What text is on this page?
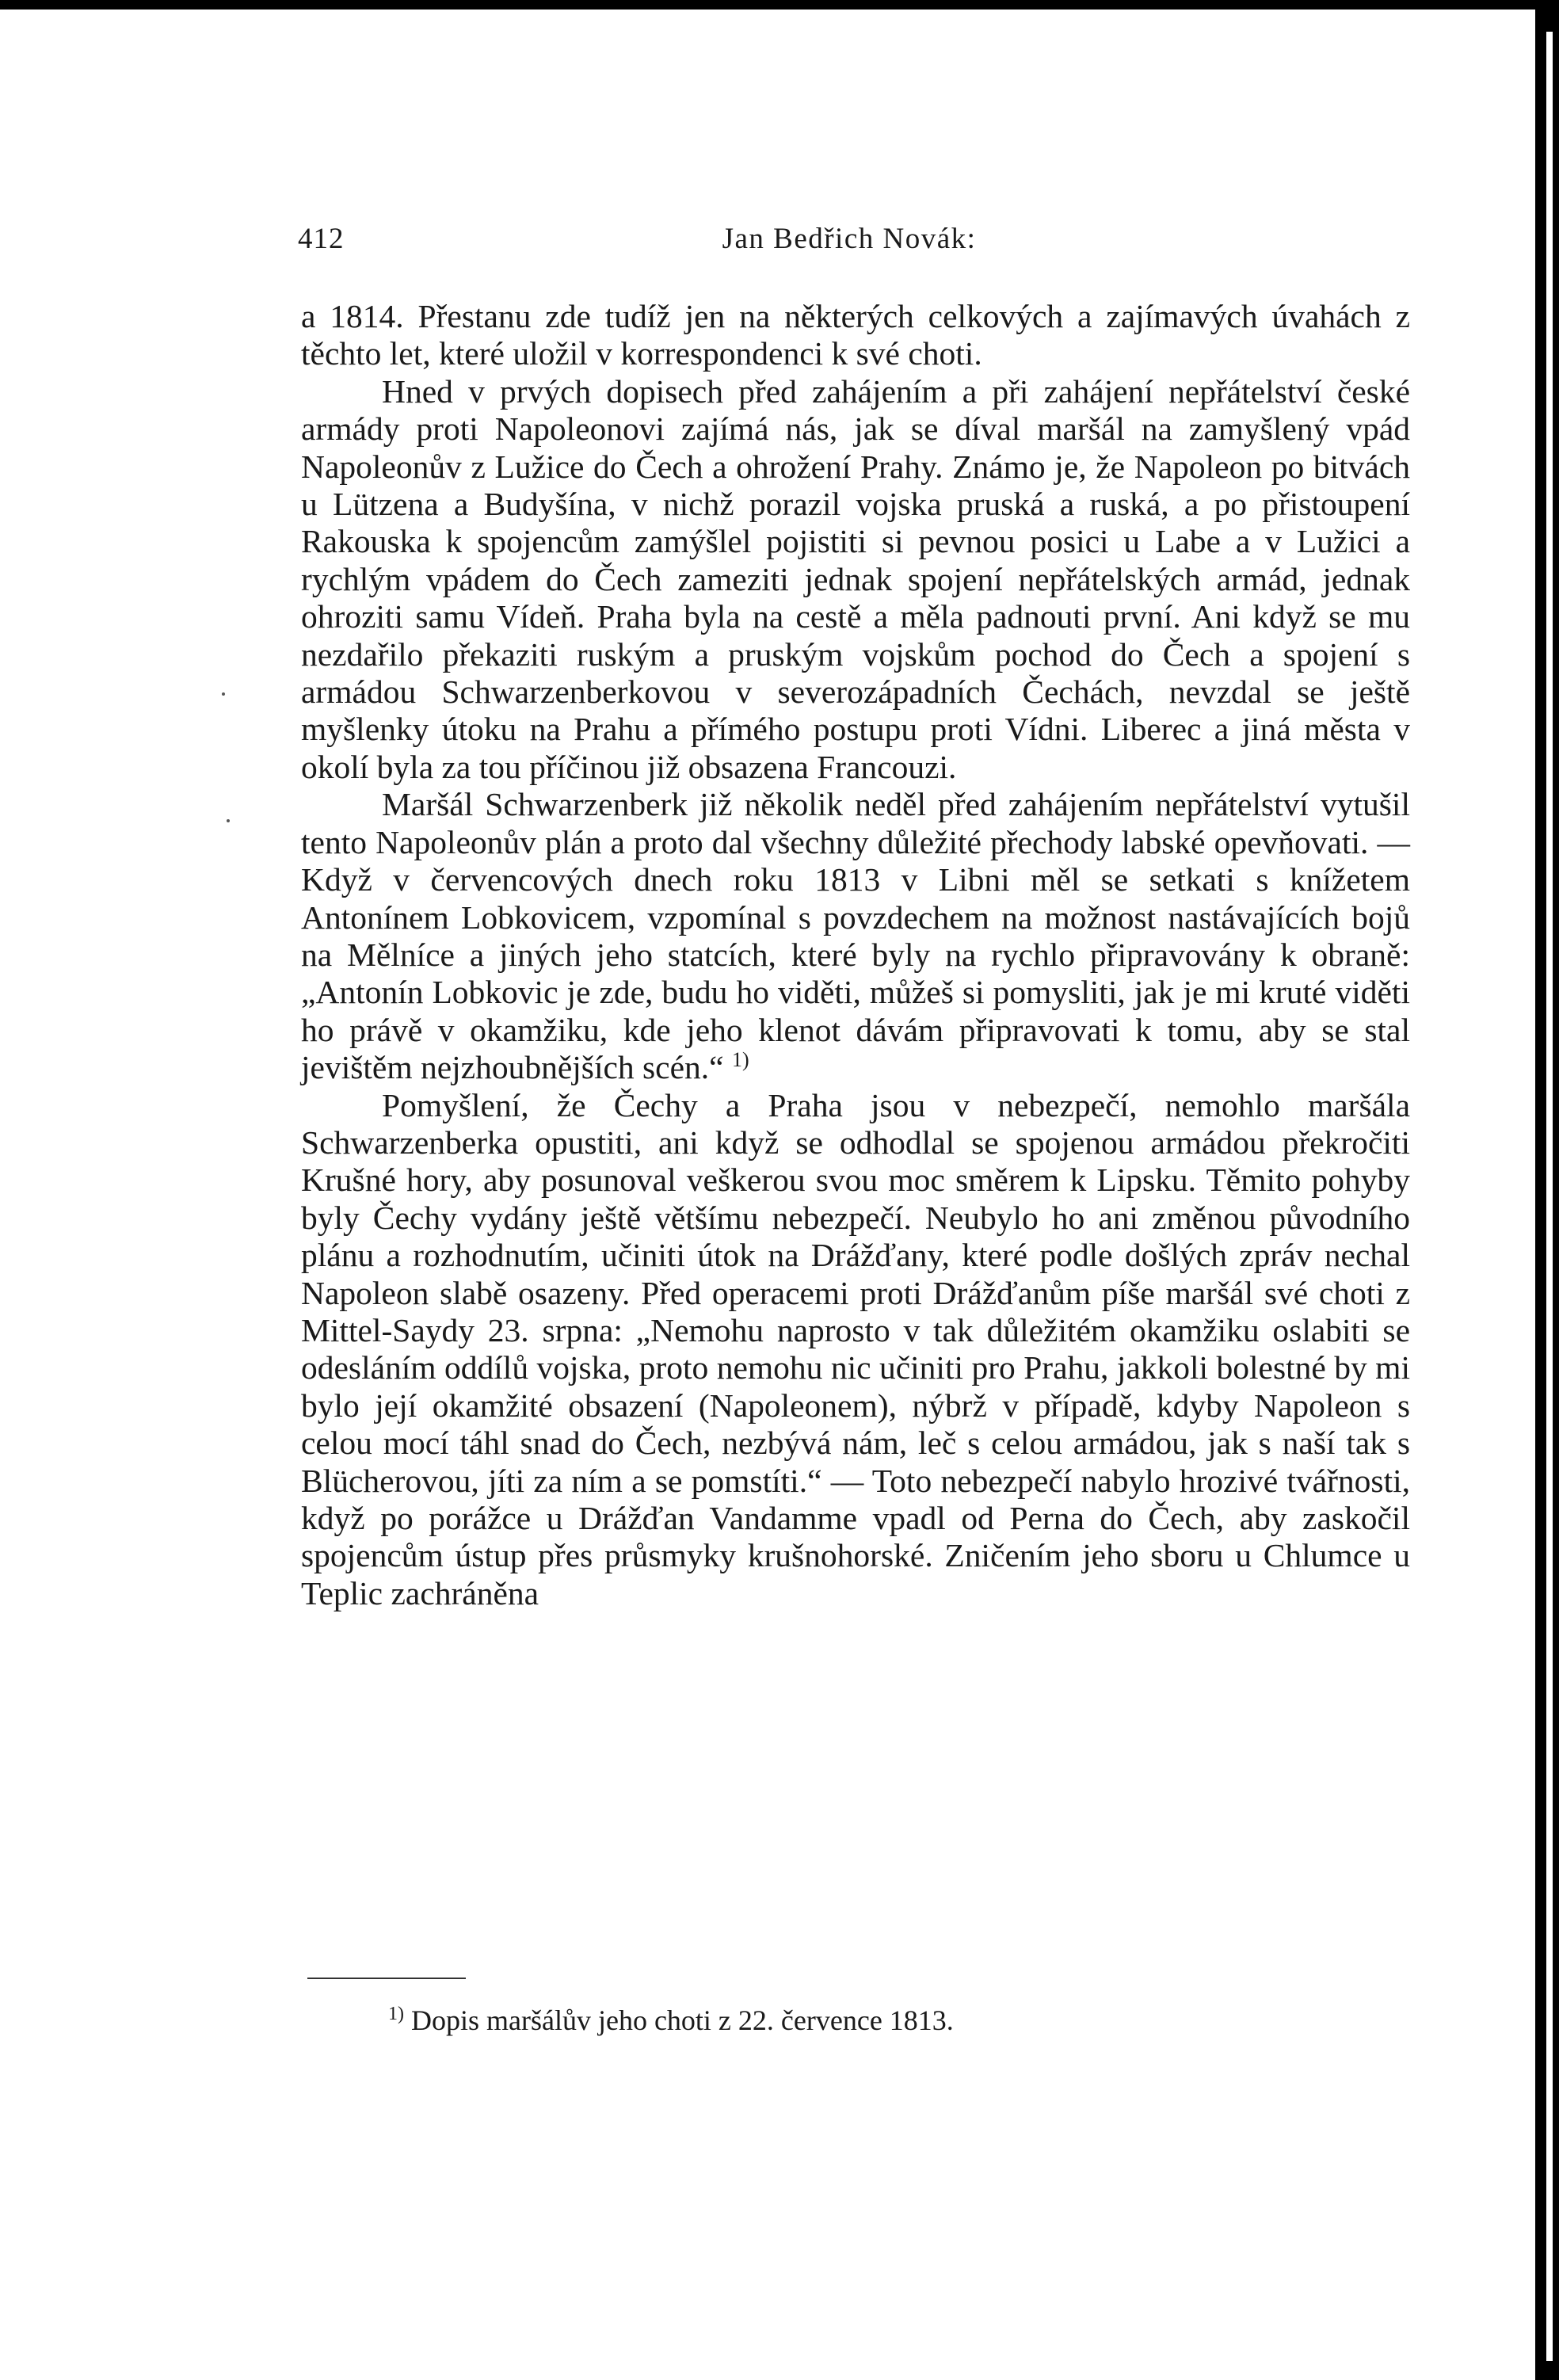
412	Jan Bedřich Novák:

a 1814. Přestanu zde tudíž jen na některých celkových a zajímavých úvahách z těchto let, které uložil v korrespondenci k své choti.

Hned v prvých dopisech před zahájením a při zahájení nepřátelství české armády proti Napoleonovi zajímá nás, jak se díval maršál na zamyšlený vpád Napoleonův z Lužice do Čech a ohrožení Prahy. Známo je, že Napoleon po bitvách u Lützena a Budyšína, v nichž porazil vojska pruská a ruská, a po přistoupení Rakouska k spojencům zamýšlel pojistiti si pevnou posici u Labe a v Lužici a rychlým vpádem do Čech zameziti jednak spojení nepřátelských armád, jednak ohroziti samu Vídeň. Praha byla na cestě a měla padnouti první. Ani když se mu nezdařilo překaziti ruským a pruským vojskům pochod do Čech a spojení s armádou Schwarzenberkovou v severozápadních Čechách, nevzdal se ještě myšlenky útoku na Prahu a přímého postupu proti Vídni. Liberec a jiná města v okolí byla za tou příčinou již obsazena Francouzi.

Maršál Schwarzenberk již několik neděl před zahájením nepřátelství vytušil tento Napoleonův plán a proto dal všechny důležité přechody labské opevňovati. — Když v červencových dnech roku 1813 v Libni měl se setkati s knížetem Antonínem Lobkovicem, vzpomínal s povzdechem na možnost nastávajících bojů na Mělníce a jiných jeho statcích, které byly na rychlo připravovány k obraně: „Antonín Lobkovic je zde, budu ho viděti, můžeš si pomysliti, jak je mi kruté viděti ho právě v okamžiku, kde jeho klenot dávám připravovati k tomu, aby se stal jevištěm nejzhoubnějších scén.“ $^{1)}$

Pomyšlení, že Čechy a Praha jsou v nebezpečí, nemohlo maršála Schwarzenberka opustiti, ani když se odhodlal se spojenou armádou překročiti Krušné hory, aby posunoval veškerou svou moc směrem k Lipsku. Těmito pohyby byly Čechy vydány ještě většímu nebezpečí. Neubylo ho ani změnou původního plánu a rozhodnutím, učiniti útok na Drážďany, které podle došlých zpráv nechal Napoleon slabě osazeny. Před operacemi proti Drážďanům píše maršál své choti z Mittel-Saydy 23. srpna: „Nemohu naprosto v tak důležitém okamžiku oslabiti se odesláním oddílů vojska, proto nemohu nic učiniti pro Prahu, jakkoli bolestné by mi bylo její okamžité obsazení (Napoleonem), nýbrž v případě, kdyby Napoleon s celou mocí táhl snad do Čech, nezbývá nám, leč s celou armádou, jak s naší tak s Blücherovou, jíti za ním a se pomstíti.“ — Toto nebezpečí nabylo hrozivé tvářnosti, když po porážce u Drážďan Vandamme vpadl od Perna do Čech, aby zaskočil spojencům ústup přes průsmyky krušnohorské. Zničením jeho sboru u Chlumce u Teplic zachráněna

$^{1)}$ Dopis maršálův jeho choti z 22. července 1813.
